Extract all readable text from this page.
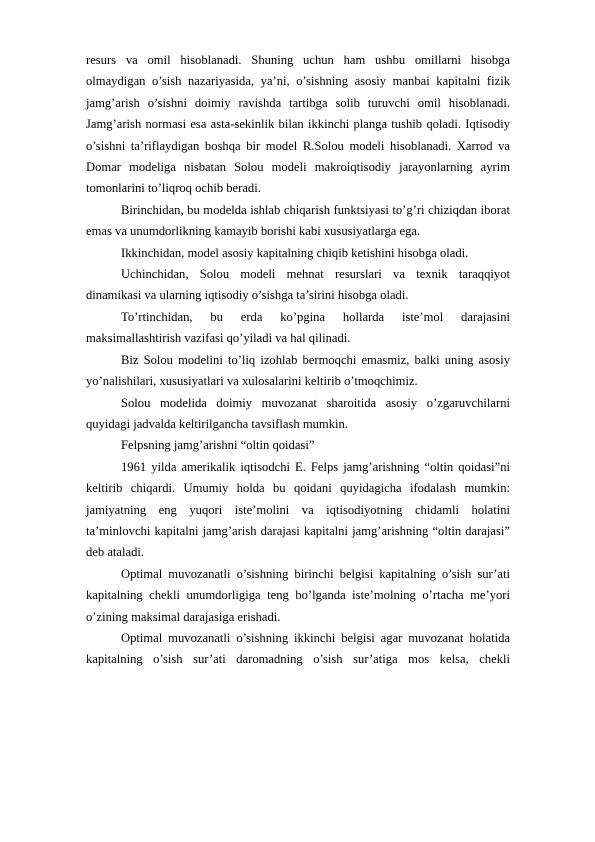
resurs va omil hisoblanadi. Shuning uchun ham ushbu omillarni hisobga olmaydigan o’sish nazariyasida, ya’ni, o’sishning asosiy manbai kapitalni fizik jamg’arish o’sishni doimiy ravishda tartibga solib turuvchi omil hisoblanadi. Jamg’arish normasi esa asta-sekinlik bilan ikkinchi planga tushib qoladi. Iqtisodiy o’sishni ta’riflaydigan boshqa bir model R.Solou modeli hisoblanadi. Xarrod va Domar modeliga nisbatan Solou modeli makroiqtisodiy jarayonlarning ayrim tomonlarini to’liqroq ochib beradi.

Birinchidan, bu modelda ishlab chiqarish funktsiyasi to’g’ri chiziqdan iborat emas va unumdorlikning kamayib borishi kabi xususiyatlarga ega.

Ikkinchidan, model asosiy kapitalning chiqib ketishini hisobga oladi.

Uchinchidan, Solou modeli mehnat resurslari va texnik taraqqiyot dinamikasi va ularning iqtisodiy o’sishga ta’sirini hisobga oladi.

To’rtinchidan, bu erda ko’pgina hollarda iste’mol darajasini maksimallashtirish vazifasi qo’yiladi va hal qilinadi.

Biz Solou modelini to’liq izohlab bermoqchi emasmiz, balki uning asosiy yo’nalishilari, xususiyatlari va xulosalarini keltirib o’tmoqchimiz.

Solou modelida doimiy muvozanat sharoitida asosiy o’zgaruvchilarni quyidagi jadvalda keltirilgancha tavsiflash mumkin.

Felpsning jamg’arishni “oltin qoidasi”

1961 yilda amerikalik iqtisodchi E. Felps jamg’arishning “oltin qoidasi”ni keltirib chiqardi. Umumiy holda bu qoidani quyidagicha ifodalash mumkin: jamiyatning eng yuqori iste’molini va iqtisodiyotning chidamli holatini ta’minlovchi kapitalni jamg’arish darajasi kapitalni jamg’arishning “oltin darajasi” deb ataladi.

Optimal muvozanatli o’sishning birinchi belgisi kapitalning o’sish sur’ati kapitalning chekli unumdorligiga teng bo’lganda iste’molning o’rtacha me’yori o’zining maksimal darajasiga erishadi.

Optimal muvozanatli o’sishning ikkinchi belgisi agar muvozanat holatida kapitalning o’sish sur’ati daromadning o’sish sur’atiga mos kelsa, chekli
